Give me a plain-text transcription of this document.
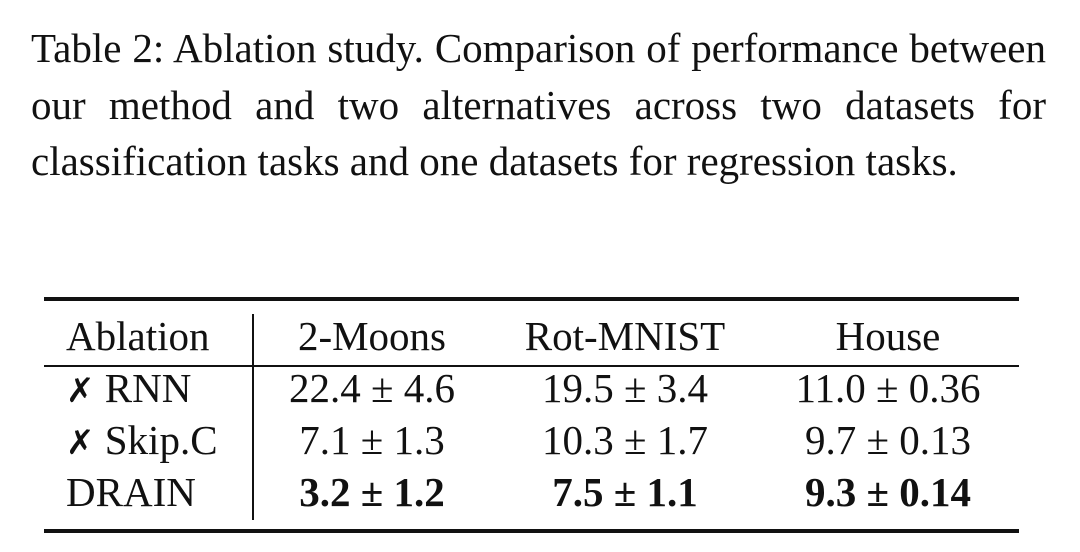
Table 2: Ablation study. Comparison of performance between our method and two alternatives across two datasets for classification tasks and one datasets for regression tasks.

Ablation	2-Moons	Rot-MNIST	House
✗ RNN	22.4 ± 4.6	19.5 ± 3.4	11.0 ± 0.36
✗ Skip.C	7.1 ± 1.3	10.3 ± 1.7	9.7 ± 0.13
DRAIN	3.2 ± 1.2	7.5 ± 1.1	9.3 ± 0.14
